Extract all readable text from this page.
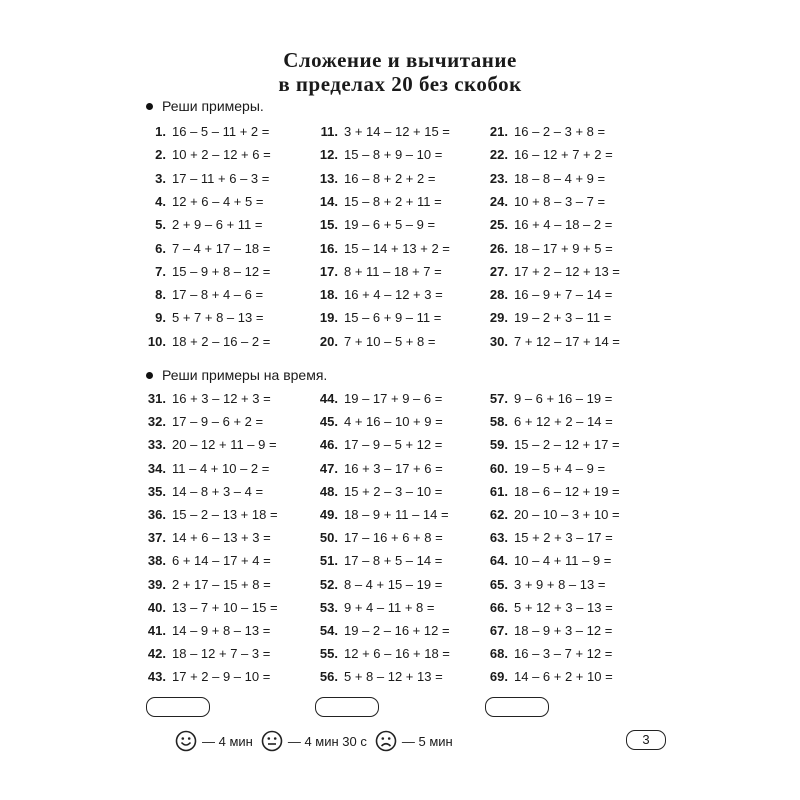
Сложение и вычитание
в пределах 20 без скобок
Реши примеры.
1. 16 – 5 – 11 + 2 =
2. 10 + 2 – 12 + 6 =
3. 17 – 11 + 6 – 3 =
4. 12 + 6 – 4 + 5 =
5. 2 + 9 – 6 + 11 =
6. 7 – 4 + 17 – 18 =
7. 15 – 9 + 8 – 12 =
8. 17 – 8 + 4 – 6 =
9. 5 + 7 + 8 – 13 =
10. 18 + 2 – 16 – 2 =
11. 3 + 14 – 12 + 15 =
12. 15 – 8 + 9 – 10 =
13. 16 – 8 + 2 + 2 =
14. 15 – 8 + 2 + 11 =
15. 19 – 6 + 5 – 9 =
16. 15 – 14 + 13 + 2 =
17. 8 + 11 – 18 + 7 =
18. 16 + 4 – 12 + 3 =
19. 15 – 6 + 9 – 11 =
20. 7 + 10 – 5 + 8 =
21. 16 – 2 – 3 + 8 =
22. 16 – 12 + 7 + 2 =
23. 18 – 8 – 4 + 9 =
24. 10 + 8 – 3 – 7 =
25. 16 + 4 – 18 – 2 =
26. 18 – 17 + 9 + 5 =
27. 17 + 2 – 12 + 13 =
28. 16 – 9 + 7 – 14 =
29. 19 – 2 + 3 – 11 =
30. 7 + 12 – 17 + 14 =
Реши примеры на время.
31. 16 + 3 – 12 + 3 =
32. 17 – 9 – 6 + 2 =
33. 20 – 12 + 11 – 9 =
34. 11 – 4 + 10 – 2 =
35. 14 – 8 + 3 – 4 =
36. 15 – 2 – 13 + 18 =
37. 14 + 6 – 13 + 3 =
38. 6 + 14 – 17 + 4 =
39. 2 + 17 – 15 + 8 =
40. 13 – 7 + 10 – 15 =
41. 14 – 9 + 8 – 13 =
42. 18 – 12 + 7 – 3 =
43. 17 + 2 – 9 – 10 =
44. 19 – 17 + 9 – 6 =
45. 4 + 16 – 10 + 9 =
46. 17 – 9 – 5 + 12 =
47. 16 + 3 – 17 + 6 =
48. 15 + 2 – 3 – 10 =
49. 18 – 9 + 11 – 14 =
50. 17 – 16 + 6 + 8 =
51. 17 – 8 + 5 – 14 =
52. 8 – 4 + 15 – 19 =
53. 9 + 4 – 11 + 8 =
54. 19 – 2 – 16 + 12 =
55. 12 + 6 – 16 + 18 =
56. 5 + 8 – 12 + 13 =
57. 9 – 6 + 16 – 19 =
58. 6 + 12 + 2 – 14 =
59. 15 – 2 – 12 + 17 =
60. 19 – 5 + 4 – 9 =
61. 18 – 6 – 12 + 19 =
62. 20 – 10 – 3 + 10 =
63. 15 + 2 + 3 – 17 =
64. 10 – 4 + 11 – 9 =
65. 3 + 9 + 8 – 13 =
66. 5 + 12 + 3 – 13 =
67. 18 – 9 + 3 – 12 =
68. 16 – 3 – 7 + 12 =
69. 14 – 6 + 2 + 10 =
— 4 мин	— 4 мин 30 с	— 5 мин	3
